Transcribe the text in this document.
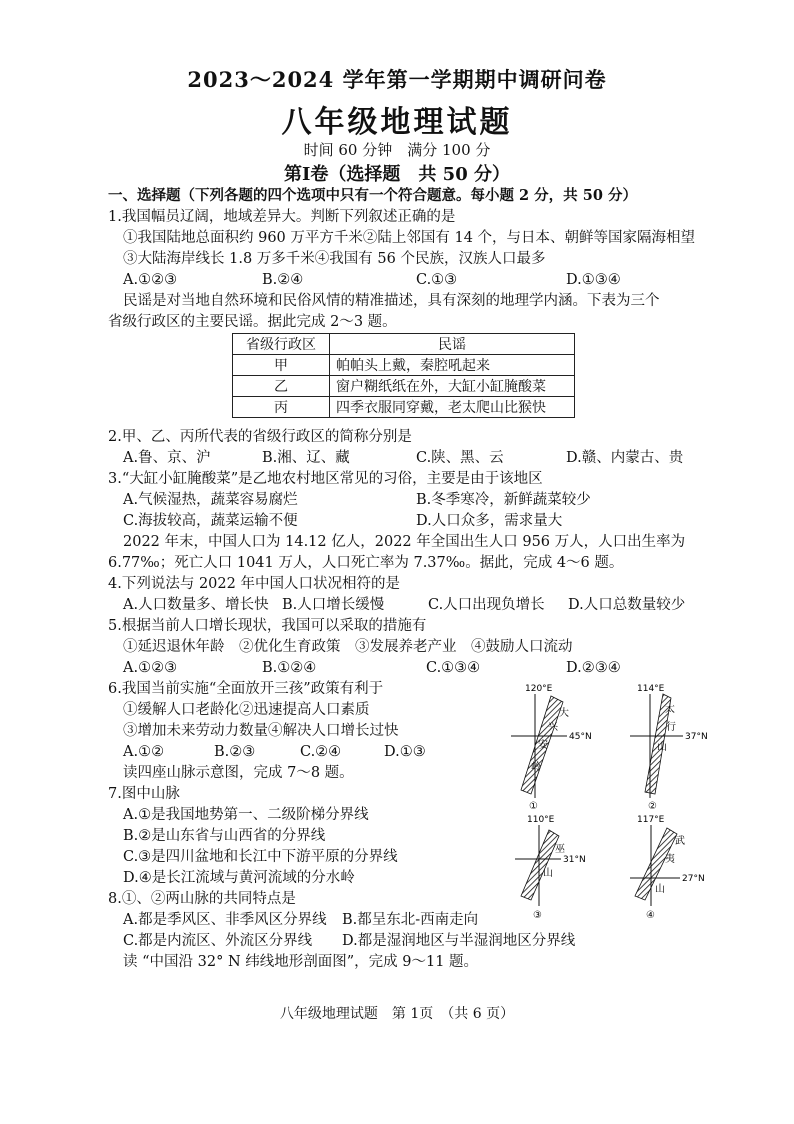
2023～2024 学年第一学期期中调研问卷
八年级地理试题
时间 60 分钟　满分 100 分
第Ⅰ卷（选择题　共 50 分）
一、选择题（下列各题的四个选项中只有一个符合题意。每小题 2 分，共 50 分）
1.我国幅员辽阔，地域差异大。判断下列叙述正确的是
①我国陆地总面积约 960 万平方千米②陆上邻国有 14 个，与日本、朝鲜等国家隔海相望
③大陆海岸线长 1.8 万多千米④我国有 56 个民族，汉族人口最多
A.①②③	B.②④	C.①③	D.①③④
民谣是对当地自然环境和民俗风情的精准描述，具有深刻的地理学内涵。下表为三个
省级行政区的主要民谣。据此完成 2～3 题。
省级行政区	民谣
甲	帕帕头上戴，秦腔吼起来
乙	窗户糊纸纸在外，大缸小缸腌酸菜
丙	四季衣服同穿戴，老太爬山比猴快
2.甲、乙、丙所代表的省级行政区的简称分别是
A.鲁、京、沪	B.湘、辽、藏	C.陕、黑、云	D.赣、内蒙古、贵
3.“大缸小缸腌酸菜”是乙地农村地区常见的习俗，主要是由于该地区
A.气候湿热，蔬菜容易腐烂	B.冬季寒冷，新鲜蔬菜较少
C.海拔较高，蔬菜运输不便	D.人口众多，需求量大
2022 年末，中国人口为 14.12 亿人，2022 年全国出生人口 956 万人，人口出生率为
6.77‰；死亡人口 1041 万人，人口死亡率为 7.37‰。据此，完成 4～6 题。
4.下列说法与 2022 年中国人口状况相符的是
A.人口数量多、增长快 B.人口增长缓慢	C.人口出现负增长 D.人口总数量较少
5.根据当前人口增长现状，我国可以采取的措施有
①延迟退休年龄　②优化生育政策　③发展养老产业　④鼓励人口流动
A.①②③	B.①②④	C.①③④	D.②③④
6.我国当前实施“全面放开三孩”政策有利于
①缓解人口老龄化②迅速提高人口素质
③增加未来劳动力数量④解决人口增长过快
A.①②	B.②③	C.②④	D.①③
读四座山脉示意图，完成 7～8 题。
7.图中山脉
A.①是我国地势第一、二级阶梯分界线
B.②是山东省与山西省的分界线
C.③是四川盆地和长江中下游平原的分界线
D.④是长江流域与黄河流域的分水岭
8.①、②两山脉的共同特点是
A.都是季风区、非季风区分界线 B.都呈东北-西南走向
C.都是内流区、外流区分界线 D.都是湿润地区与半湿润地区分界线
读 “中国沿 32° N 纬线地形剖面图”，完成 9～11 题。
120°E
45°N
大
兴
安
岭
①
114°E
37°N
太
行
山
②
110°E
31°N
巫
山
③
117°E
27°N
武
夷
山
④
八年级地理试题　第 1页　（共 6 页）
